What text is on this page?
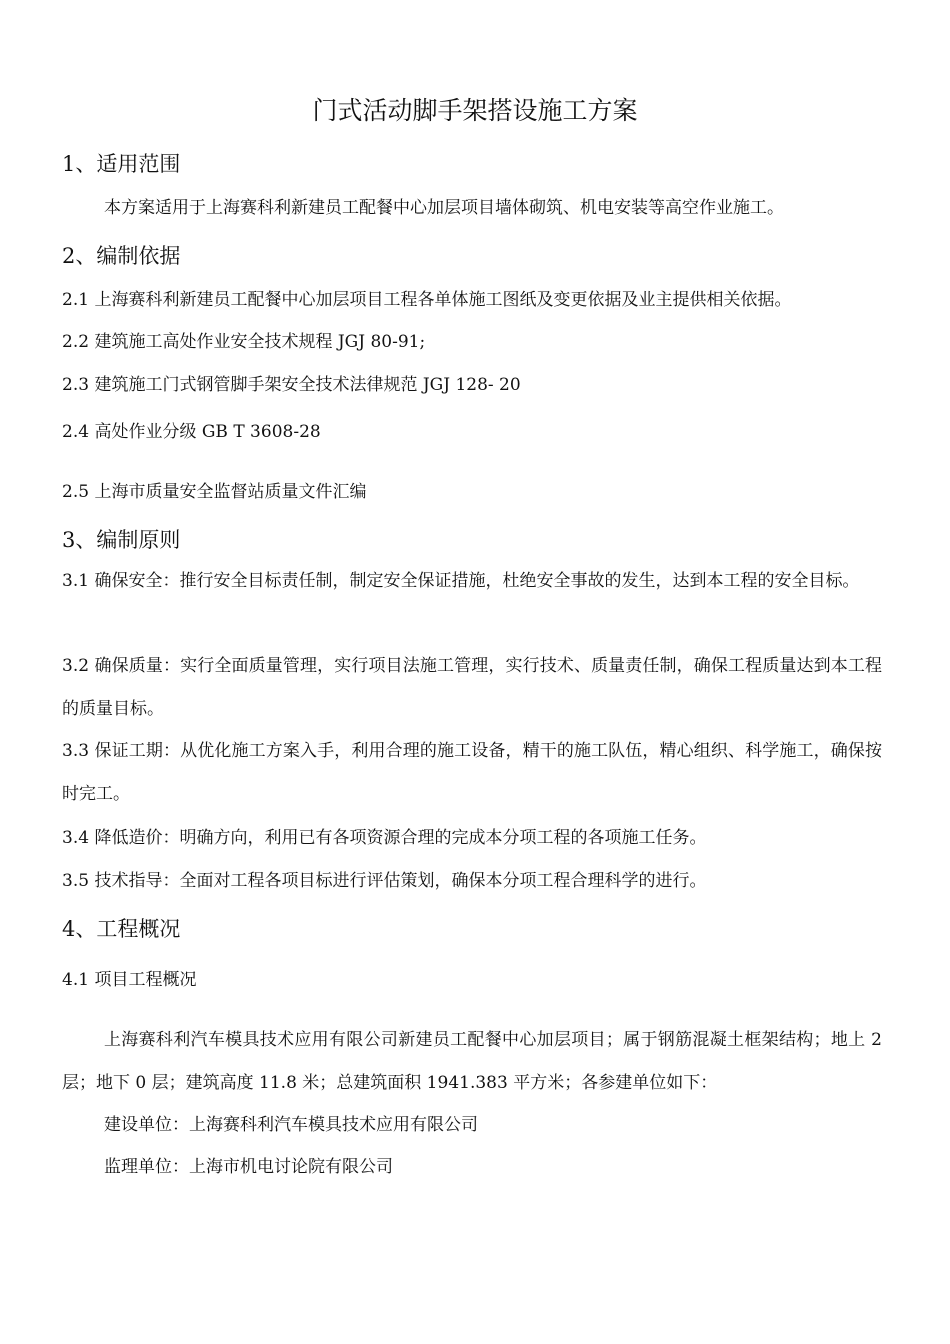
门式活动脚手架搭设施工方案
1、适用范围
本方案适用于上海赛科利新建员工配餐中心加层项目墙体砌筑、机电安装等高空作业施工。
2、编制依据
2.1 上海赛科利新建员工配餐中心加层项目工程各单体施工图纸及变更依据及业主提供相关依据。
2.2 建筑施工高处作业安全技术规程 JGJ 80-91;
2.3 建筑施工门式钢管脚手架安全技术法律规范 JGJ 128- 20
2.4 高处作业分级 GB T 3608-28
2.5 上海市质量安全监督站质量文件汇编
3、编制原则
3.1 确保安全：推行安全目标责任制，制定安全保证措施，杜绝安全事故的发生，达到本工程的安全目标。
3.2 确保质量：实行全面质量管理，实行项目法施工管理，实行技术、质量责任制，确保工程质量达到本工程的质量目标。
3.3 保证工期：从优化施工方案入手，利用合理的施工设备，精干的施工队伍，精心组织、科学施工，确保按时完工。
3.4 降低造价：明确方向，利用已有各项资源合理的完成本分项工程的各项施工任务。
3.5 技术指导：全面对工程各项目标进行评估策划，确保本分项工程合理科学的进行。
4、工程概况
4.1 项目工程概况
上海赛科利汽车模具技术应用有限公司新建员工配餐中心加层项目；属于钢筋混凝土框架结构；地上 2 层；地下 0 层；建筑高度 11.8 米；总建筑面积 1941.383 平方米；各参建单位如下：
建设单位：上海赛科利汽车模具技术应用有限公司
监理单位：上海市机电讨论院有限公司
